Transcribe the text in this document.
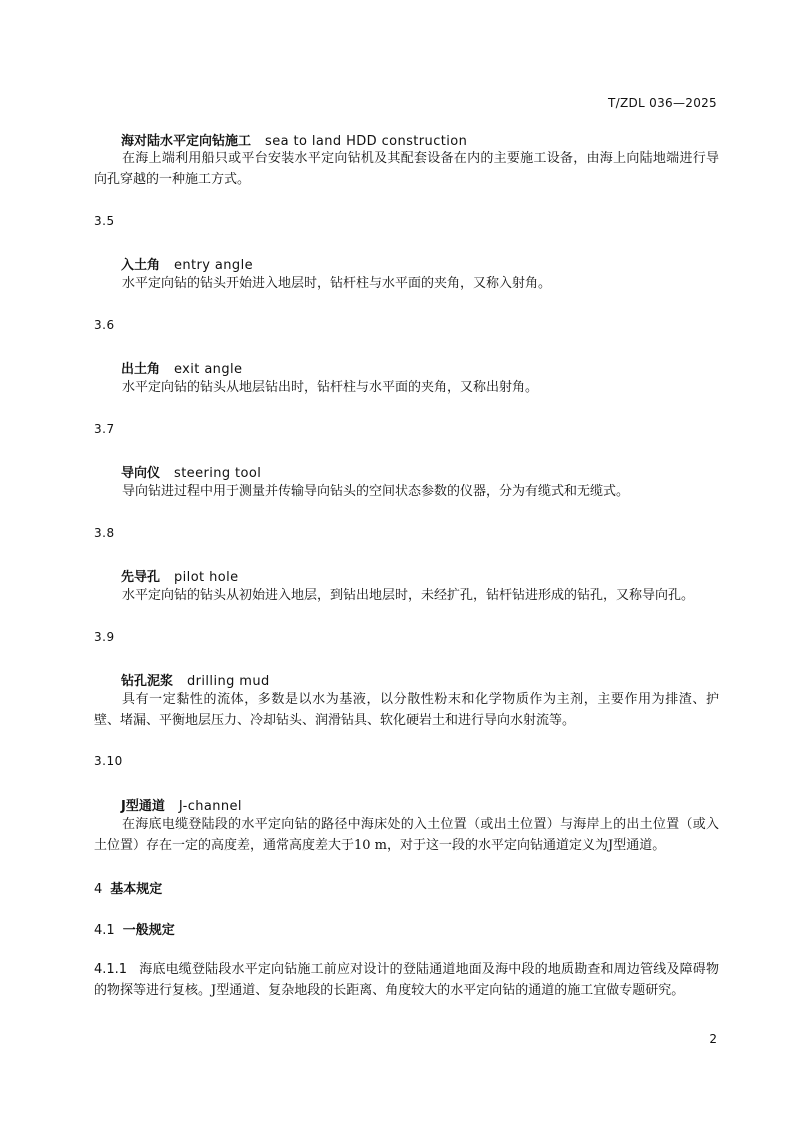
T/ZDL 036—2025
海对陆水平定向钻施工 sea to land HDD construction
在海上端利用船只或平台安装水平定向钻机及其配套设备在内的主要施工设备，由海上向陆地端进行导向孔穿越的一种施工方式。
3.5
入土角 entry angle
水平定向钻的钻头开始进入地层时，钻杆柱与水平面的夹角，又称入射角。
3.6
出土角 exit angle
水平定向钻的钻头从地层钻出时，钻杆柱与水平面的夹角，又称出射角。
3.7
导向仪 steering tool
导向钻进过程中用于测量并传输导向钻头的空间状态参数的仪器，分为有缆式和无缆式。
3.8
先导孔 pilot hole
水平定向钻的钻头从初始进入地层，到钻出地层时，未经扩孔，钻杆钻进形成的钻孔，又称导向孔。
3.9
钻孔泥浆 drilling mud
具有一定黏性的流体，多数是以水为基液，以分散性粉末和化学物质作为主剂，主要作用为排渣、护壁、堵漏、平衡地层压力、冷却钻头、润滑钻具、软化硬岩土和进行导向水射流等。
3.10
J型通道 J-channel
在海底电缆登陆段的水平定向钻的路径中海床处的入土位置（或出土位置）与海岸上的出土位置（或入土位置）存在一定的高度差，通常高度差大于10 m，对于这一段的水平定向钻通道定义为J型通道。
4 基本规定
4.1 一般规定
4.1.1 海底电缆登陆段水平定向钻施工前应对设计的登陆通道地面及海中段的地质勘查和周边管线及障碍物的物探等进行复核。J型通道、复杂地段的长距离、角度较大的水平定向钻的通道的施工宜做专题研究。
2
